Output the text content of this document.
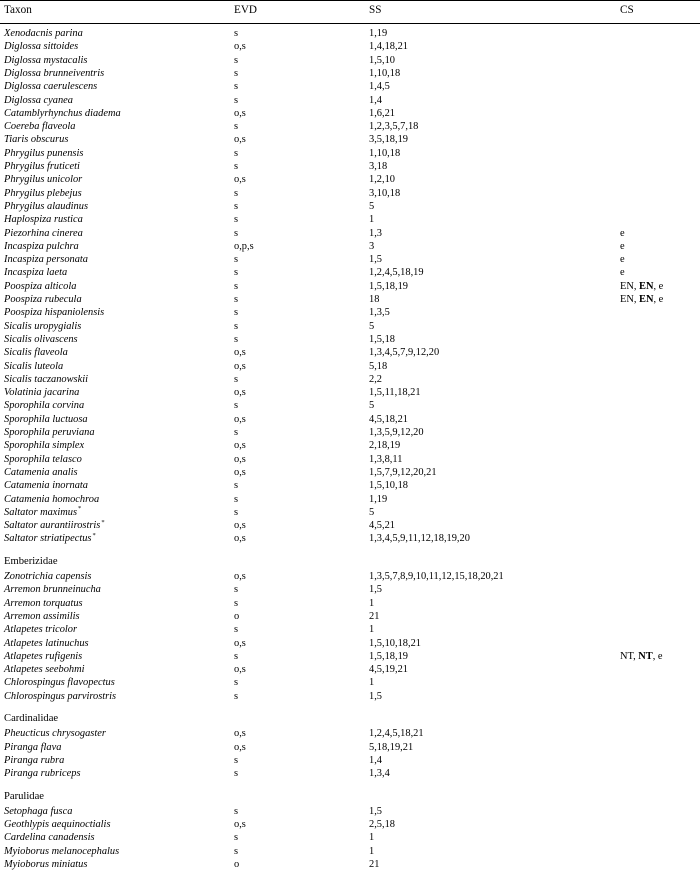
Taxon	EVD	SS	CS
Xenodacnis parina	s	1,19
Diglossa sittoides	o,s	1,4,18,21
Diglossa mystacalis	s	1,5,10
Diglossa brunneiventris	s	1,10,18
Diglossa caerulescens	s	1,4,5
Diglossa cyanea	s	1,4
Catamblyrhynchus diadema	o,s	1,6,21
Coereba flaveola	s	1,2,3,5,7,18
Tiaris obscurus	o,s	3,5,18,19
Phrygilus punensis	s	1,10,18
Phrygilus fruticeti	s	3,18
Phrygilus unicolor	o,s	1,2,10
Phrygilus plebejus	s	3,10,18
Phrygilus alaudinus	s	5
Haplospiza rustica	s	1
Piezorhina cinerea	s	1,3	e
Incaspiza pulchra	o,p,s	3	e
Incaspiza personata	s	1,5	e
Incaspiza laeta	s	1,2,4,5,18,19	e
Poospiza alticola	s	1,5,18,19	EN, EN, e
Poospiza rubecula	s	18	EN, EN, e
Poospiza hispaniolensis	s	1,3,5
Sicalis uropygialis	s	5
Sicalis olivascens	s	1,5,18
Sicalis flaveola	o,s	1,3,4,5,7,9,12,20
Sicalis luteola	o,s	5,18
Sicalis taczanowskii	s	2,2
Volatinia jacarina	o,s	1,5,11,18,21
Sporophila corvina	s	5
Sporophila luctuosa	o,s	4,5,18,21
Sporophila peruviana	s	1,3,5,9,12,20
Sporophila simplex	o,s	2,18,19
Sporophila telasco	o,s	1,3,8,11
Catamenia analis	o,s	1,5,7,9,12,20,21
Catamenia inornata	s	1,5,10,18
Catamenia homochroa	s	1,19
Saltator maximus*	s	5
Saltator aurantiirostris*	o,s	4,5,21
Saltator striatipectus*	o,s	1,3,4,5,9,11,12,18,19,20
Emberizidae
Zonotrichia capensis	o,s	1,3,5,7,8,9,10,11,12,15,18,20,21
Arremon brunneinucha	s	1,5
Arremon torquatus	s	1
Arremon assimilis	o	21
Atlapetes tricolor	s	1
Atlapetes latinuchus	o,s	1,5,10,18,21
Atlapetes rufigenis	s	1,5,18,19	NT, NT, e
Atlapetes seebohmi	o,s	4,5,19,21
Chlorospingus flavopectus	s	1
Chlorospingus parvirostris	s	1,5
Cardinalidae
Pheucticus chrysogaster	o,s	1,2,4,5,18,21
Piranga flava	o,s	5,18,19,21
Piranga rubra	s	1,4
Piranga rubriceps	s	1,3,4
Parulidae
Setophaga fusca	s	1,5
Geothlypis aequinoctialis	o,s	2,5,18
Cardelina canadensis	s	1
Myioborus melanocephalus	s	1
Myioborus miniatus	o	21
